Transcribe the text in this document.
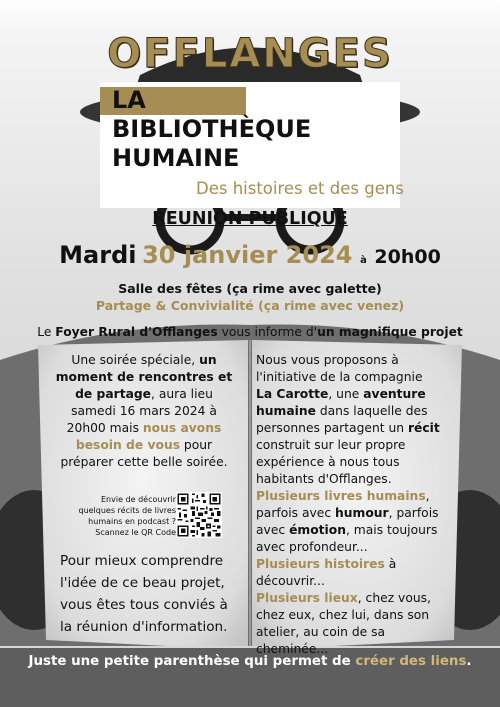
OFFLANGES
LA
BIBLIOTHÈQUE
HUMAINE
Des histoires et des gens
REUNION PUBLIQUE
Mardi 30 janvier 2024 à 20h00
Salle des fêtes (ça rime avec galette)
Partage & Convivialité (ça rime avec venez)
Le Foyer Rural d'Offlanges vous informe d'un magnifique projet
Une soirée spéciale, un moment de rencontres et de partage, aura lieu samedi 16 mars 2024 à 20h00 mais nous avons besoin de vous pour préparer cette belle soirée.
Envie de découvrir quelques récits de livres humains en podcast ? Scannez le QR Code
Pour mieux comprendre l'idée de ce beau projet, vous êtes tous conviés à la réunion d'information.
Nous vous proposons à l'initiative de la compagnie La Carotte, une aventure humaine dans laquelle des personnes partagent un récit construit sur leur propre expérience à nous tous habitants d'Offlanges.
Plusieurs livres humains, parfois avec humour, parfois avec émotion, mais toujours avec profondeur...
Plusieurs histoires à découvrir...
Plusieurs lieux, chez vous, chez eux, chez lui, dans son atelier, au coin de sa cheminée...
Juste une petite parenthèse qui permet de créer des liens.
